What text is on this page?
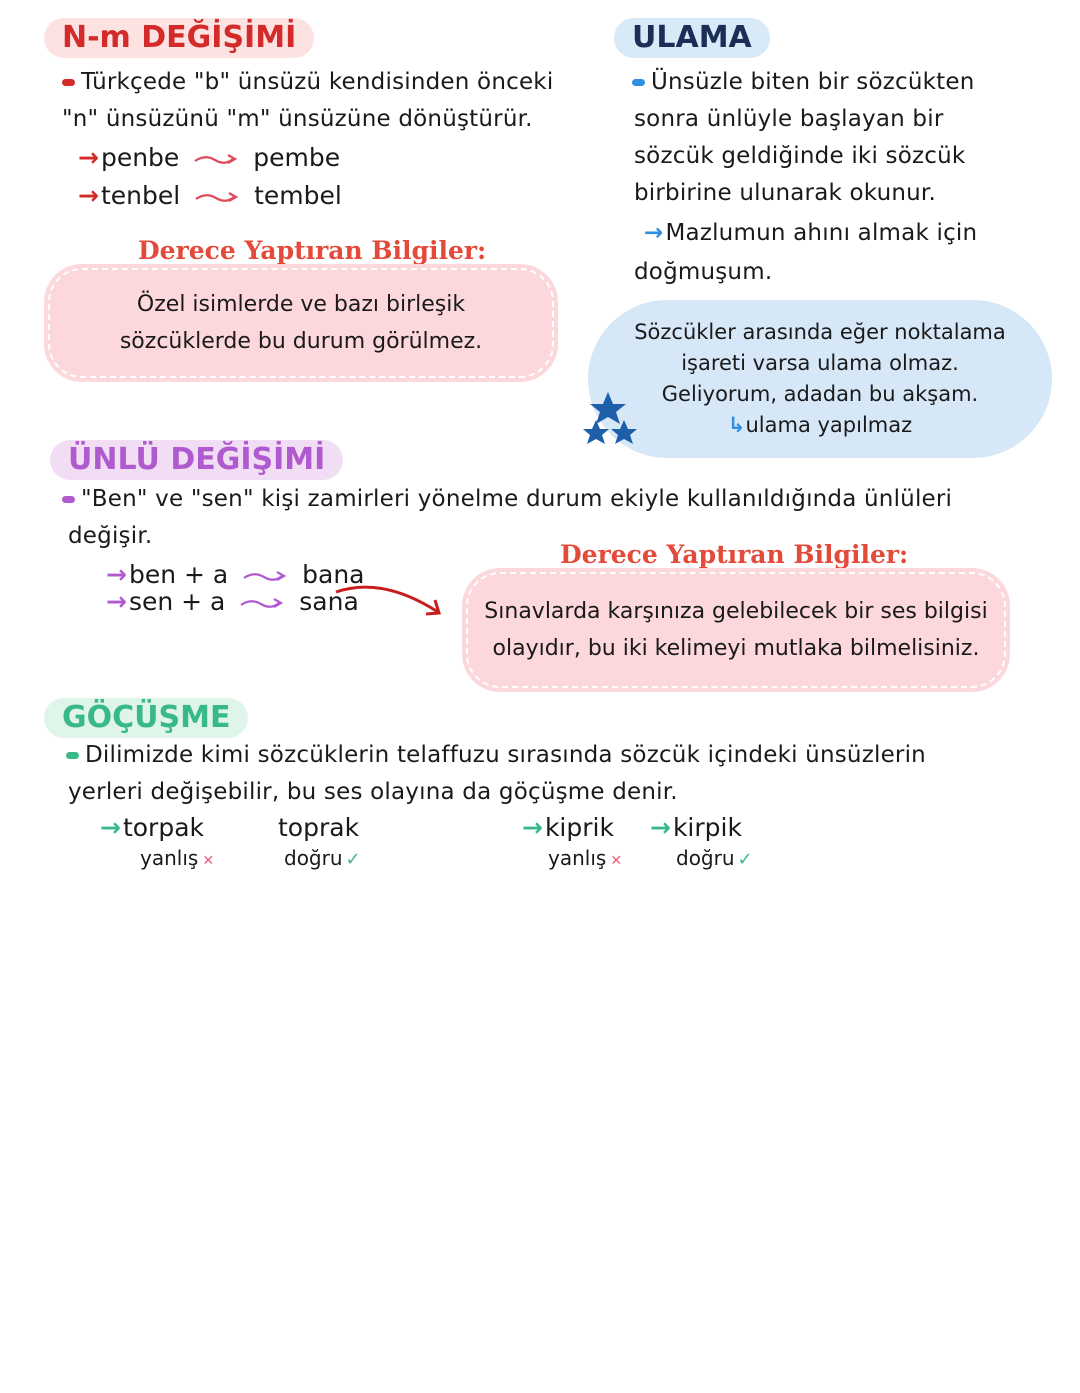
N-m DEĞİŞİMİ
Türkçede "b" ünsüzü kendisinden önceki
"n" ünsüzünü "m" ünsüzüne dönüştürür.
→penbe	pembe
→tenbel	tembel
Derece Yaptıran Bilgiler:
Özel isimlerde ve bazı birleşik
sözcüklerde bu durum görülmez.
ULAMA
Ünsüzle biten bir sözcükten
sonra ünlüyle başlayan bir
sözcük geldiğinde iki sözcük
birbirine ulunarak okunur.
→Mazlumun ahını almak için
doğmuşum.
Sözcükler arasında eğer noktalama
işareti varsa ulama olmaz.
Geliyorum, adadan bu akşam.
↳ulama yapılmaz
ÜNLÜ DEĞİŞİMİ
"Ben" ve "sen" kişi zamirleri yönelme durum ekiyle kullanıldığında ünlüleri
değişir.
→ben + a	bana
→sen + a	sana
Derece Yaptıran Bilgiler:
Sınavlarda karşınıza gelebilecek bir ses bilgisi
olayıdır, bu iki kelimeyi mutlaka bilmelisiniz.
GÖÇÜŞME
Dilimizde kimi sözcüklerin telaffuzu sırasında sözcük içindeki ünsüzlerin
yerleri değişebilir, bu ses olayına da göçüşme denir.
→torpak
yanlış ✕
toprak
doğru ✓
→kiprik
yanlış ✕
→kirpik
doğru ✓
